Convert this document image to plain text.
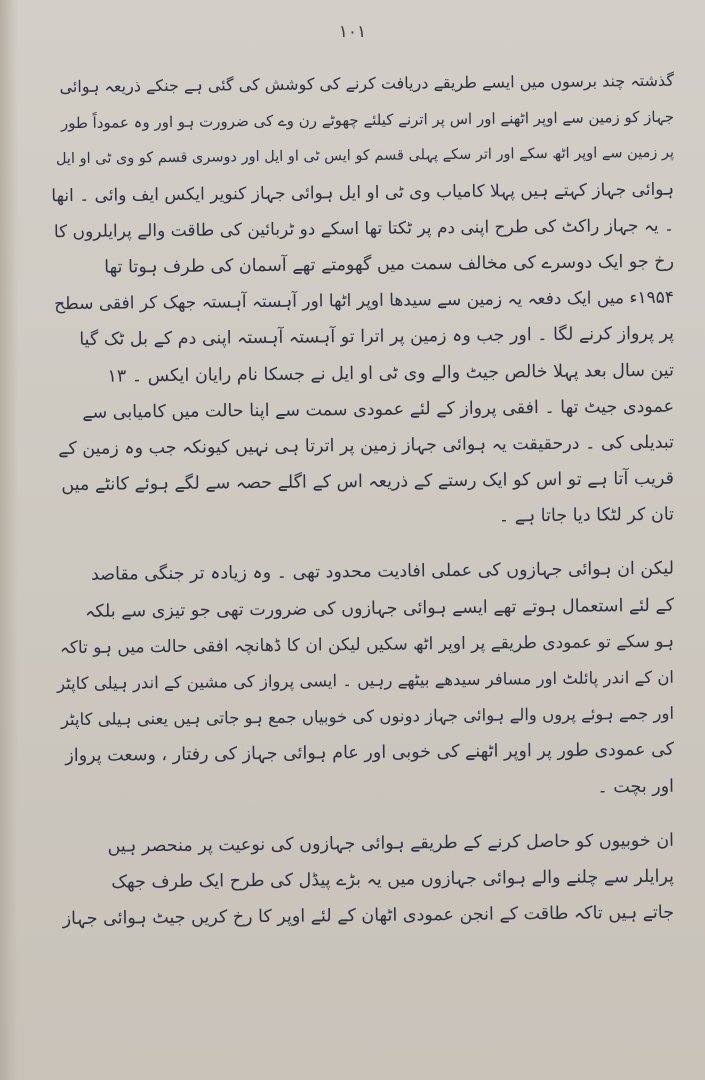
۱۰۱
گذشتہ چند برسوں میں ایسے طریقے دریافت کرنے کی کوشش کی گئی ہے جنکے ذریعہ ہوائی
جہاز کو زمین سے اوپر اٹھنے اور اس پر اترنے کیلئے چھوٹے رن وے کی ضرورت ہو اور وہ عموداً طور
پر زمین سے اوپر اٹھ سکے اور اتر سکے پہلی قسم کو ایس ٹی او ایل اور دوسری قسم کو وی ٹی او ایل
ہوائی جہاز کہتے ہیں پہلا کامیاب وی ٹی او ایل ہوائی جہاز کنویر ایکس ایف وائی ۔ انھا
۔ یہ جہاز راکٹ کی طرح اپنی دم پر ٹکتا تھا اسکے دو ٹربائین کی طاقت والے پرایلروں کا
رخ جو ایک دوسرے کی مخالف سمت میں گھومتے تھے آسمان کی طرف ہوتا تھا
۱۹۵۴ء میں ایک دفعہ یہ زمین سے سیدھا اوپر اٹھا اور آہستہ آہستہ جھک کر افقی سطح
پر پرواز کرنے لگا ۔ اور جب وہ زمین پر اترا تو آہستہ آہستہ اپنی دم کے بل ٹک گیا
تین سال بعد پہلا خالص جیٹ والے وی ٹی او ایل نے جسکا نام رایان ایکس ۔ ۱۳
عمودی جیٹ تھا ۔ افقی پرواز کے لئے عمودی سمت سے اپنا حالت میں کامیابی سے
تبدیلی کی ۔ درحقیقت یہ ہوائی جہاز زمین پر اترتا ہی نہیں کیونکہ جب وہ زمین کے
قریب آتا ہے تو اس کو ایک رستے کے ذریعہ اس کے اگلے حصہ سے لگے ہوئے کانٹے میں
تان کر لٹکا دیا جاتا ہے ۔
لیکن ان ہوائی جہازوں کی عملی افادیت محدود تھی ۔ وہ زیادہ تر جنگی مقاصد
کے لئے استعمال ہوتے تھے ایسے ہوائی جہازوں کی ضرورت تھی جو تیزی سے بلکہ
ہو سکے تو عمودی طریقے پر اوپر اٹھ سکیں لیکن ان کا ڈھانچہ افقی حالت میں ہو تاکہ
ان کے اندر پائلٹ اور مسافر سیدھے بیٹھے رہیں ۔ ایسی پرواز کی مشین کے اندر ہیلی کاپٹر
اور جمے ہوئے پروں والے ہوائی جہاز دونوں کی خوبیاں جمع ہو جاتی ہیں یعنی ہیلی کاپٹر
کی عمودی طور پر اوپر اٹھنے کی خوبی اور عام ہوائی جہاز کی رفتار ، وسعت پرواز
اور بچت ۔
ان خوبیوں کو حاصل کرنے کے طریقے ہوائی جہازوں کی نوعیت پر منحصر ہیں
پرایلر سے چلنے والے ہوائی جہازوں میں یہ بڑے پیڈل کی طرح ایک طرف جھک
جاتے ہیں تاکہ طاقت کے انجن عمودی اٹھان کے لئے اوپر کا رخ کریں جیٹ ہوائی جہاز
